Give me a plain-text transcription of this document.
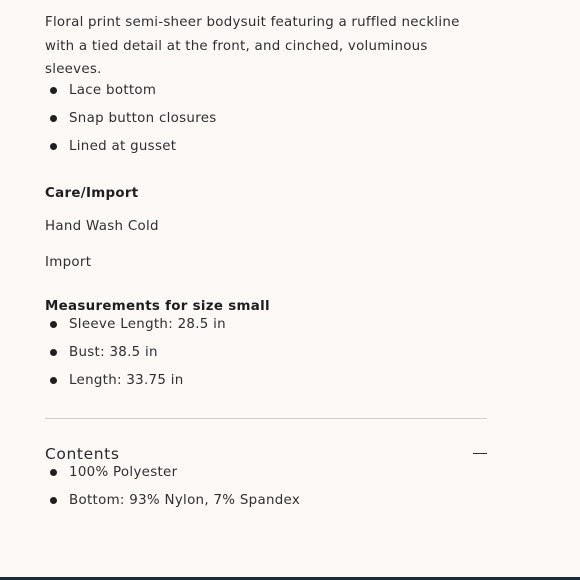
Floral print semi-sheer bodysuit featuring a ruffled neckline with a tied detail at the front, and cinched, voluminous sleeves.

Lace bottom
Snap button closures
Lined at gusset
Care/Import

Hand Wash Cold

Import

Measurements for size small
Sleeve Length: 28.5 in
Bust: 38.5 in
Length: 33.75 in
Contents
100% Polyester
Bottom: 93% Nylon, 7% Spandex
